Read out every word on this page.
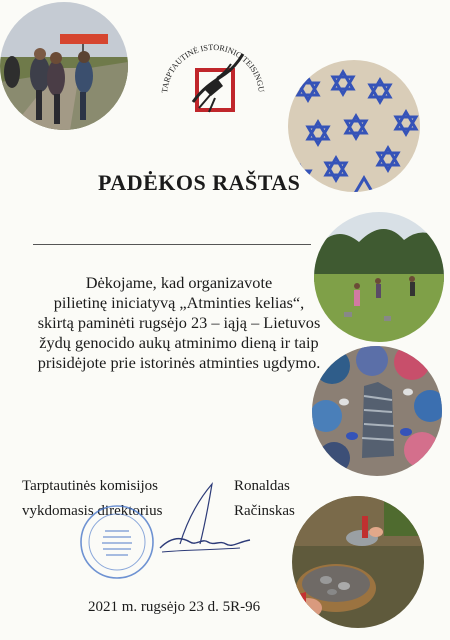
TARPTAUTINĖ ISTORINIO TEISINGU
PADĖKOS RAŠTAS
Dėkojame, kad organizavote
pilietinę iniciatyvą „Atminties kelias“,
skirtą paminėti rugsėjo 23 – iąją – Lietuvos
žydų genocido aukų atminimo dieną ir taip
prisidėjote prie istorinės atminties ugdymo.
Tarptautinės komisijos
vykdomasis direktorius
Ronaldas
Račinskas
2021 m. rugsėjo 23 d. 5R-96
